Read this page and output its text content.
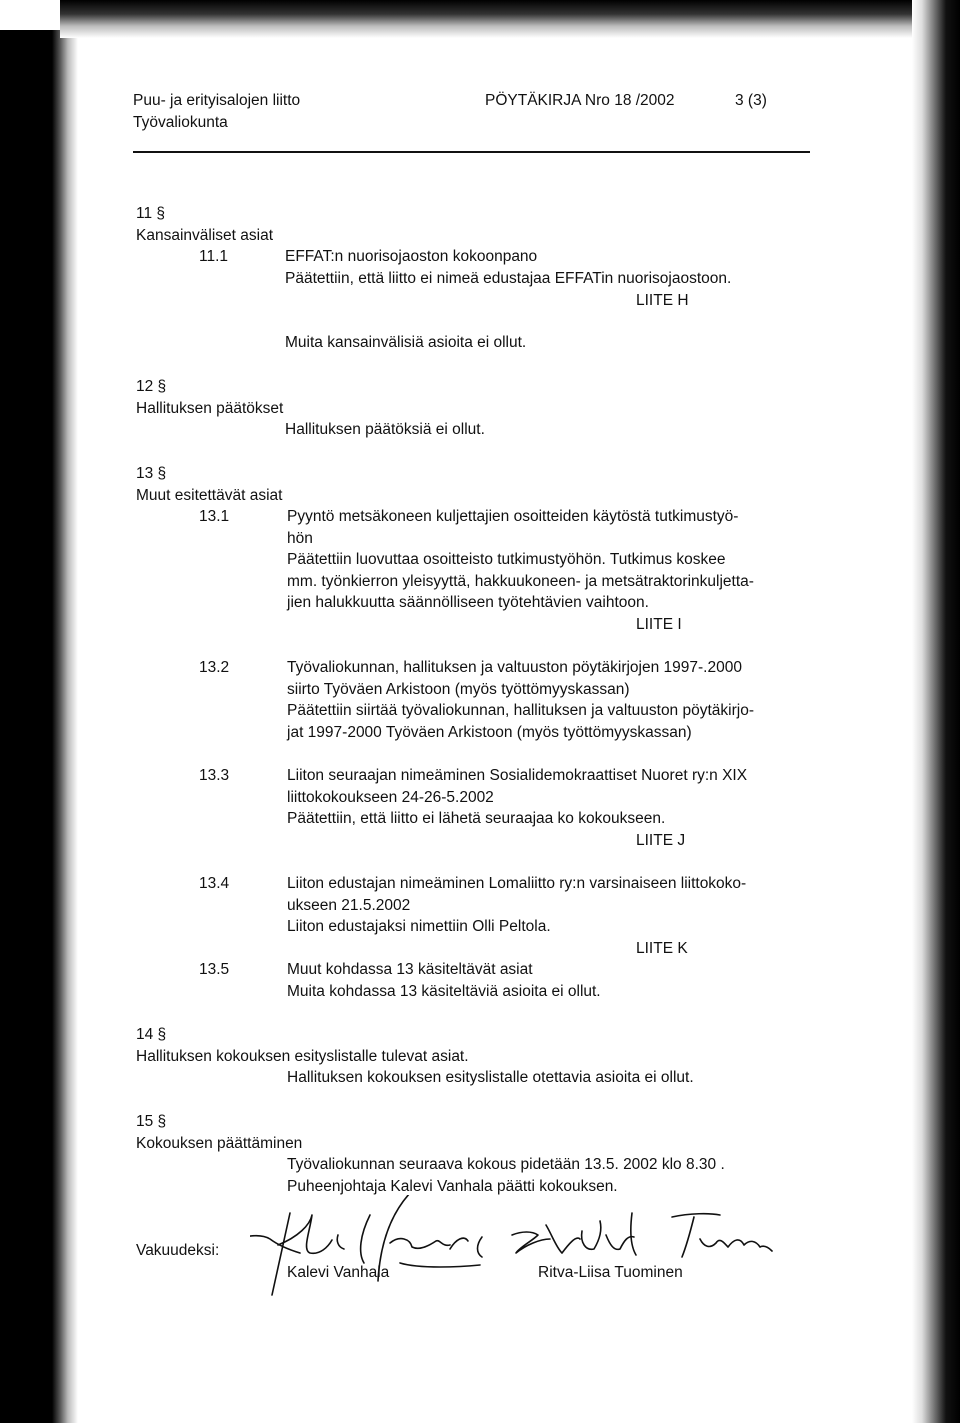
Puu- ja erityisalojen liitto
Työvaliokunta
PÖYTÄKIRJA Nro 18 /2002	3 (3)
11 §
Kansainväliset asiat
11.1	EFFAT:n nuorisojaoston kokoonpano
Päätettiin, että liitto ei nimeä edustajaa EFFATin nuorisojaostoon.
LIITE H
Muita kansainvälisiä asioita ei ollut.
12 §
Hallituksen päätökset
Hallituksen päätöksiä ei ollut.
13 §
Muut esitettävät asiat
13.1	Pyyntö metsäkoneen kuljettajien osoitteiden käytöstä tutkimustyö-
hön
Päätettiin luovuttaa osoitteisto tutkimustyöhön. Tutkimus koskee
mm. työnkierron yleisyyttä, hakkuukoneen- ja metsätraktorinkuljetta-
jien halukkuutta säännölliseen työtehtävien vaihtoon.
LIITE I
13.2	Työvaliokunnan, hallituksen ja valtuuston pöytäkirjojen 1997-.2000
siirto Työväen Arkistoon (myös työttömyyskassan)
Päätettiin siirtää työvaliokunnan, hallituksen ja valtuuston pöytäkirjo-
jat 1997-2000 Työväen Arkistoon (myös työttömyyskassan)
13.3	Liiton seuraajan nimeäminen Sosialidemokraattiset Nuoret ry:n XIX
liittokokoukseen 24-26-5.2002
Päätettiin, että liitto ei lähetä seuraajaa ko kokoukseen.
LIITE J
13.4	Liiton edustajan nimeäminen Lomaliitto ry:n varsinaiseen liittokoko-
ukseen 21.5.2002
Liiton edustajaksi nimettiin Olli Peltola.
LIITE K
13.5	Muut kohdassa 13 käsiteltävät asiat
Muita kohdassa 13 käsiteltäviä asioita ei ollut.
14 §
Hallituksen kokouksen esityslistalle tulevat asiat.
Hallituksen kokouksen esityslistalle otettavia asioita ei ollut.
15 §
Kokouksen päättäminen
Työvaliokunnan seuraava kokous pidetään 13.5. 2002 klo 8.30 .
Puheenjohtaja Kalevi Vanhala päätti kokouksen.
Vakuudeksi:
Kalevi Vanhala	Ritva-Liisa Tuominen
